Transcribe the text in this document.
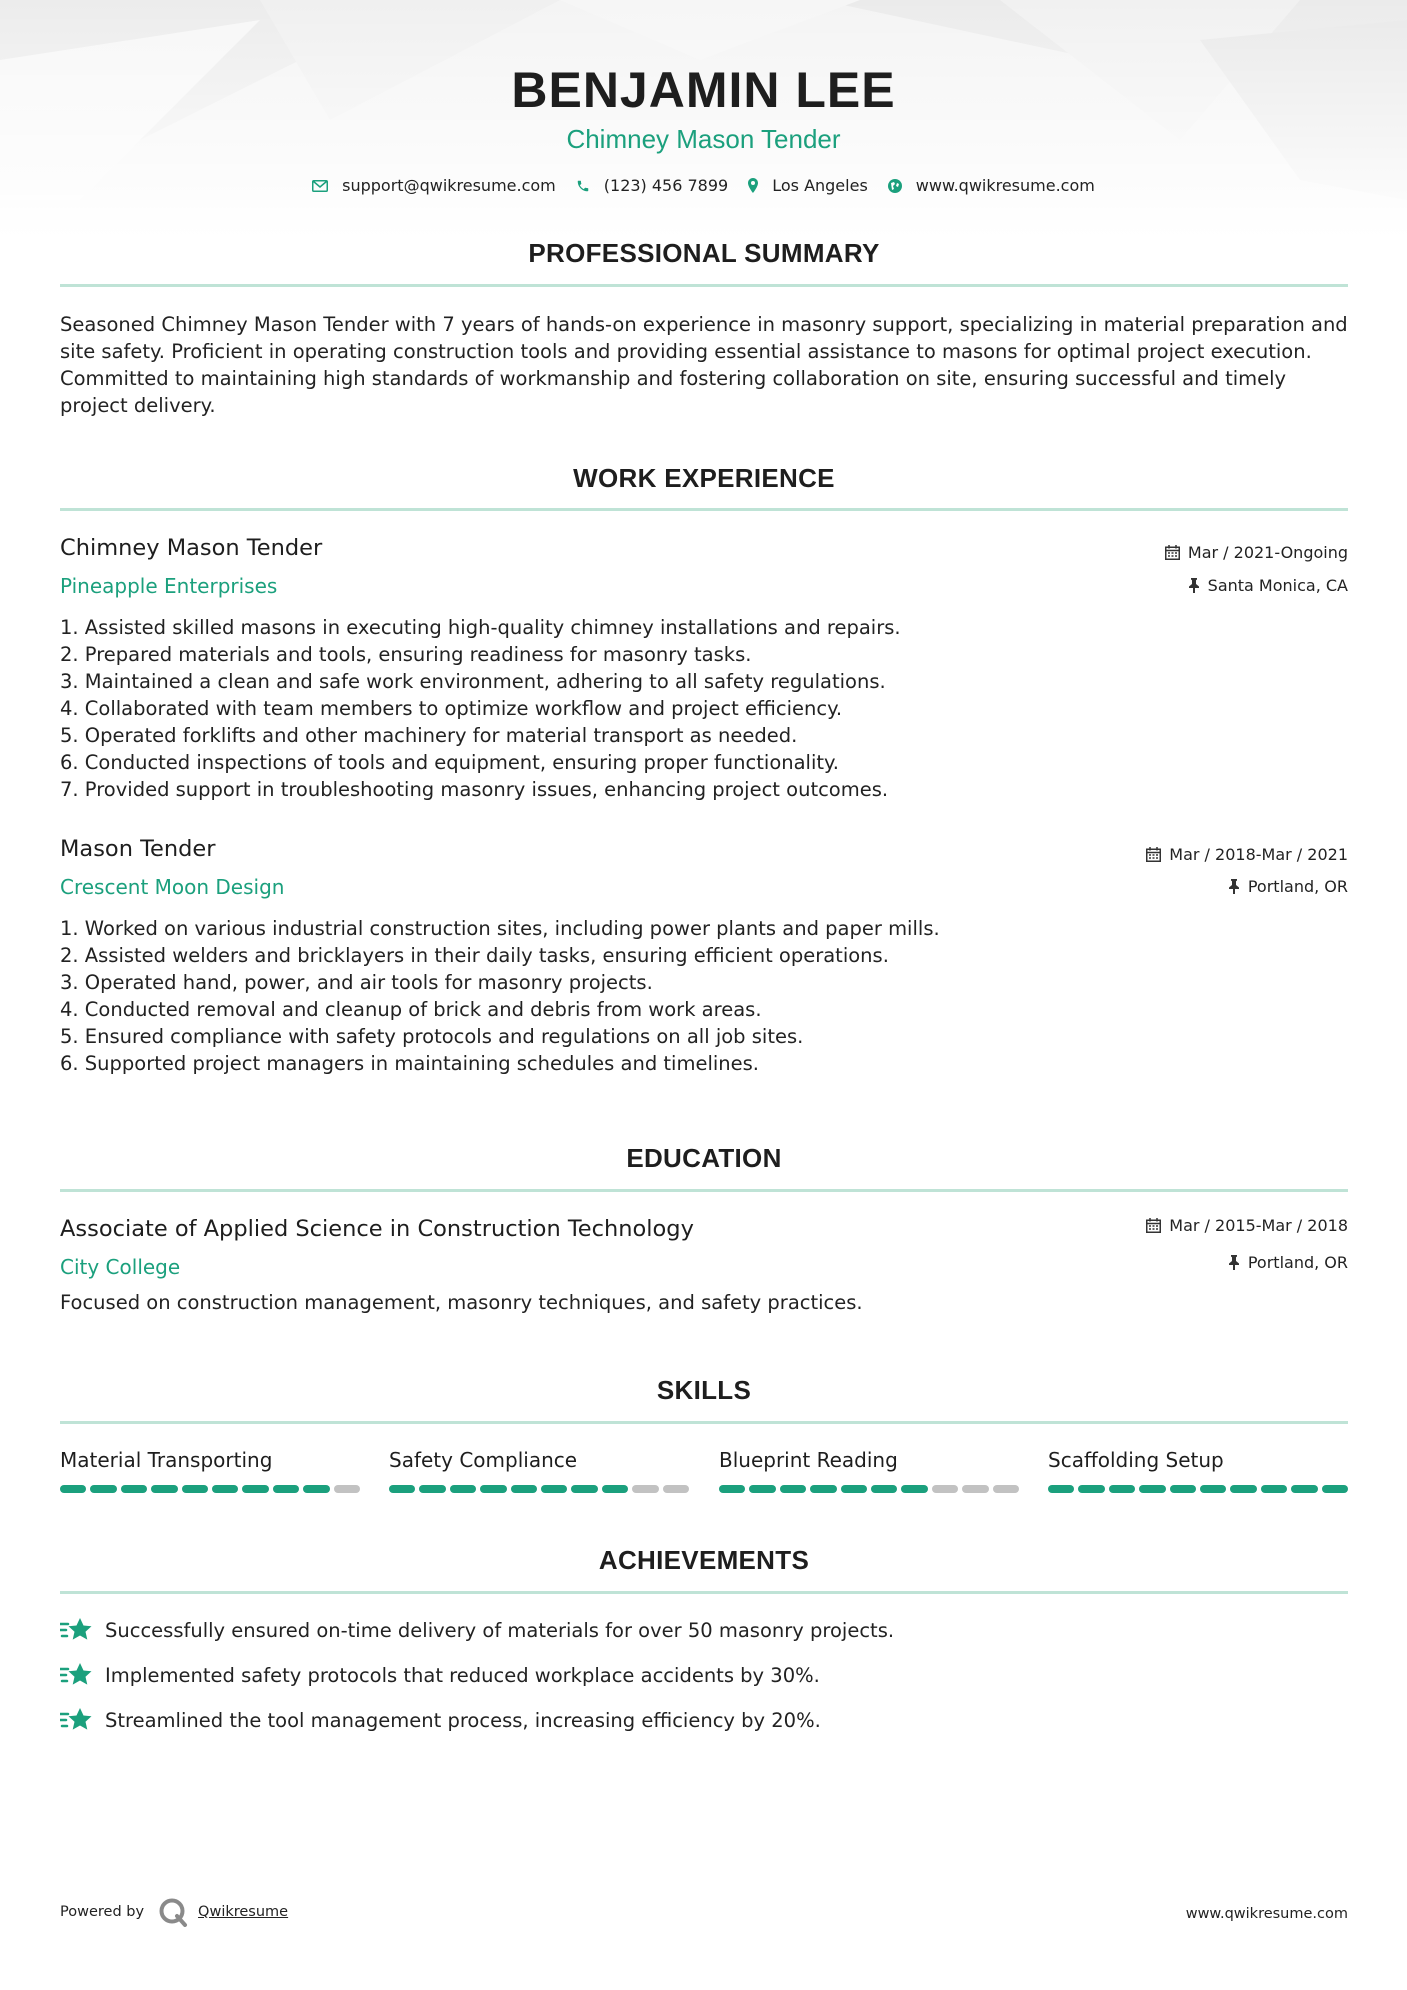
BENJAMIN LEE
Chimney Mason Tender
support@qwikresume.com	(123) 456 7899	Los Angeles	www.qwikresume.com
PROFESSIONAL SUMMARY
Seasoned Chimney Mason Tender with 7 years of hands-on experience in masonry support, specializing in material preparation and site safety. Proficient in operating construction tools and providing essential assistance to masons for optimal project execution. Committed to maintaining high standards of workmanship and fostering collaboration on site, ensuring successful and timely project delivery.
WORK EXPERIENCE
Chimney Mason Tender	Mar / 2021-Ongoing
Pineapple Enterprises	Santa Monica, CA
1. Assisted skilled masons in executing high-quality chimney installations and repairs.
2. Prepared materials and tools, ensuring readiness for masonry tasks.
3. Maintained a clean and safe work environment, adhering to all safety regulations.
4. Collaborated with team members to optimize workflow and project efficiency.
5. Operated forklifts and other machinery for material transport as needed.
6. Conducted inspections of tools and equipment, ensuring proper functionality.
7. Provided support in troubleshooting masonry issues, enhancing project outcomes.
Mason Tender	Mar / 2018-Mar / 2021
Crescent Moon Design	Portland, OR
1. Worked on various industrial construction sites, including power plants and paper mills.
2. Assisted welders and bricklayers in their daily tasks, ensuring efficient operations.
3. Operated hand, power, and air tools for masonry projects.
4. Conducted removal and cleanup of brick and debris from work areas.
5. Ensured compliance with safety protocols and regulations on all job sites.
6. Supported project managers in maintaining schedules and timelines.
EDUCATION
Associate of Applied Science in Construction Technology	Mar / 2015-Mar / 2018
City College	Portland, OR
Focused on construction management, masonry techniques, and safety practices.
SKILLS
Material Transporting	Safety Compliance	Blueprint Reading	Scaffolding Setup
ACHIEVEMENTS
Successfully ensured on-time delivery of materials for over 50 masonry projects.
Implemented safety protocols that reduced workplace accidents by 30%.
Streamlined the tool management process, increasing efficiency by 20%.
Powered by	Qwikresume	www.qwikresume.com
